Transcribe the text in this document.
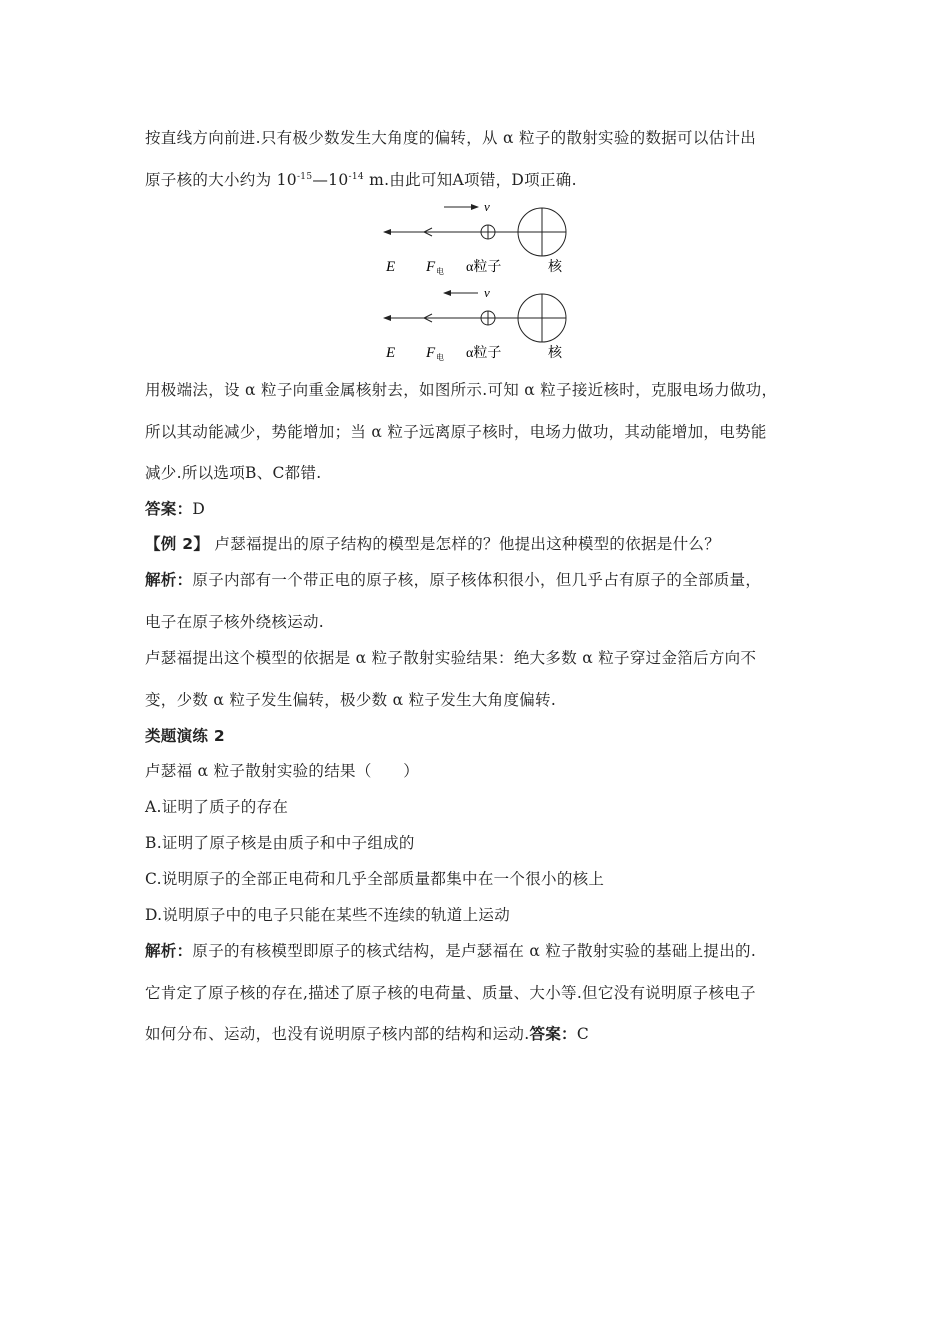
按直线方向前进.只有极少数发生大角度的偏转，从 α 粒子的散射实验的数据可以估计出
原子核的大小约为 $10^{-15}—10^{-14}$ m.由此可知A项错，D项正确.
v
E F 电 α粒子	核
v
E F 电 α粒子	核
用极端法，设 α 粒子向重金属核射去，如图所示.可知 α 粒子接近核时，克服电场力做功，
所以其动能减少，势能增加；当 α 粒子远离原子核时，电场力做功，其动能增加，电势能
减少.所以选项B、C都错.
答案：D
【例 2】 卢瑟福提出的原子结构的模型是怎样的？他提出这种模型的依据是什么？
解析：原子内部有一个带正电的原子核，原子核体积很小，但几乎占有原子的全部质量，
电子在原子核外绕核运动.
卢瑟福提出这个模型的依据是 α 粒子散射实验结果：绝大多数 α 粒子穿过金箔后方向不
变，少数 α 粒子发生偏转，极少数 α 粒子发生大角度偏转.
类题演练 2
卢瑟福 α 粒子散射实验的结果（　　）
A.证明了质子的存在
B.证明了原子核是由质子和中子组成的
C.说明原子的全部正电荷和几乎全部质量都集中在一个很小的核上
D.说明原子中的电子只能在某些不连续的轨道上运动
解析：原子的有核模型即原子的核式结构，是卢瑟福在 α 粒子散射实验的基础上提出的.
它肯定了原子核的存在,描述了原子核的电荷量、质量、大小等.但它没有说明原子核电子
如何分布、运动，也没有说明原子核内部的结构和运动.答案：C
